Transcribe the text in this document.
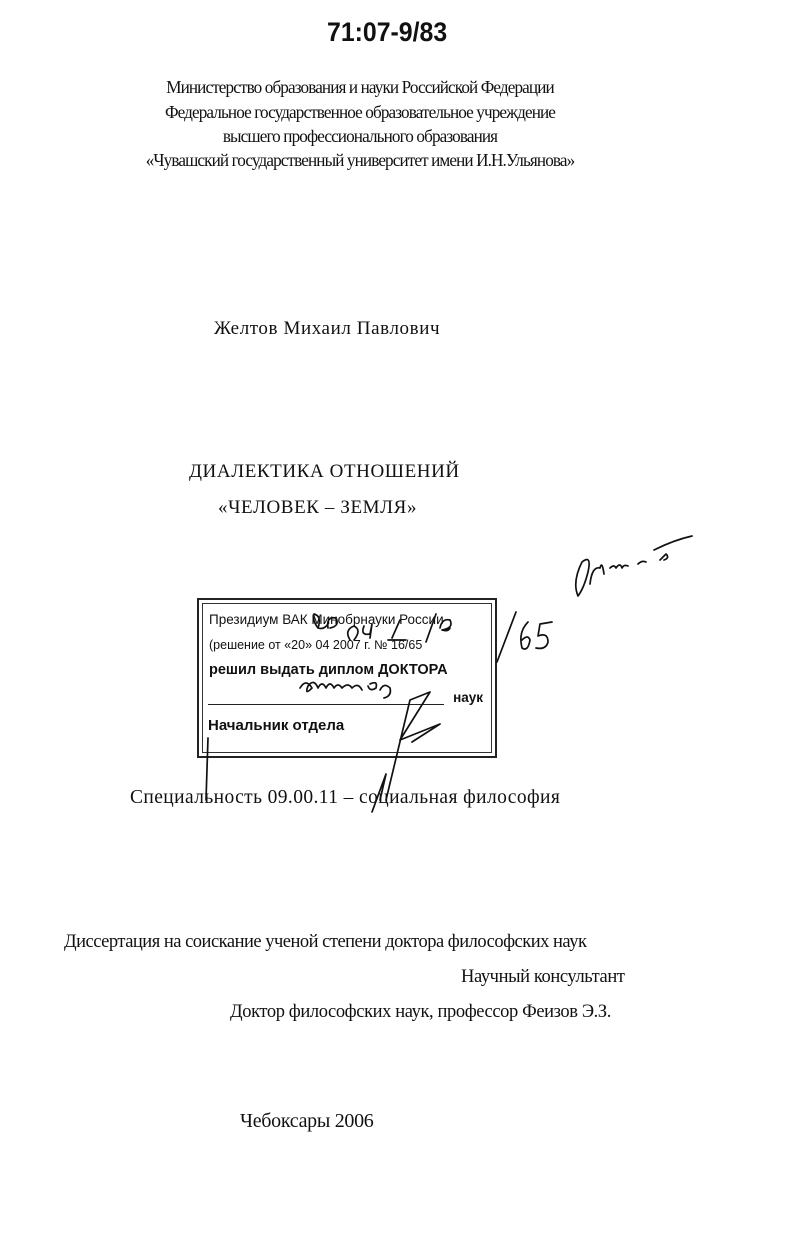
71:07-9/83
Министерство образования и науки Российской Федерации
Федеральное государственное образовательное учреждение
высшего профессионального образования
«Чувашский государственный университет имени И.Н.Ульянова»
Желтов Михаил Павлович
ДИАЛЕКТИКА ОТНОШЕНИЙ
«ЧЕЛОВЕК – ЗЕМЛЯ»
Президиум ВАК Минобрнауки России
(решение от «20» 04 2007 г. № 16/65
решил выдать диплом ДОКТОРА
наук
Начальник отдела
Специальность 09.00.11 – социальная философия
Диссертация на соискание ученой степени доктора философских наук
Научный консультант
Доктор философских наук, профессор Феизов Э.З.
Чебоксары 2006
